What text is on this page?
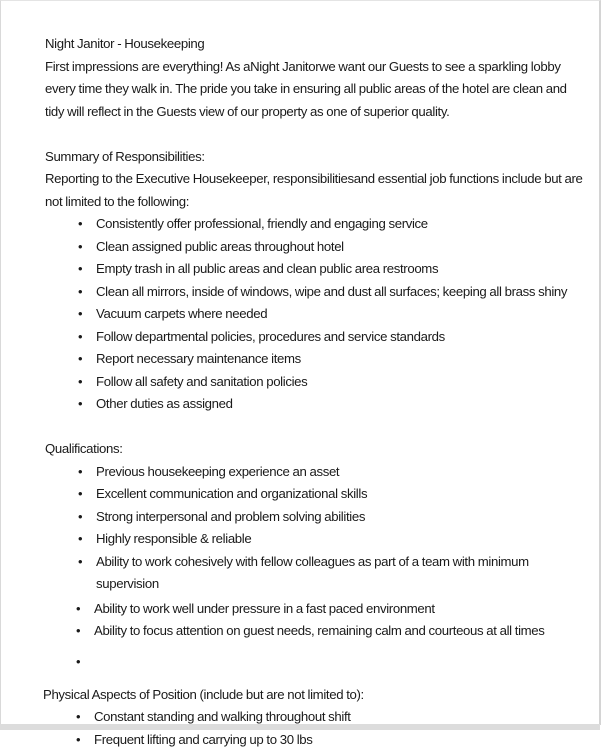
Night Janitor - Housekeeping
First impressions are everything! As aNight Janitorwe want our Guests to see a sparkling lobby
every time they walk in. The pride you take in ensuring all public areas of the hotel are clean and
tidy will reflect in the Guests view of our property as one of superior quality.
Summary of Responsibilities:
Reporting to the Executive Housekeeper, responsibilitiesand essential job functions include but are
not limited to the following:
• Consistently offer professional, friendly and engaging service
• Clean assigned public areas throughout hotel
• Empty trash in all public areas and clean public area restrooms
• Clean all mirrors, inside of windows, wipe and dust all surfaces; keeping all brass shiny
• Vacuum carpets where needed
• Follow departmental policies, procedures and service standards
• Report necessary maintenance items
• Follow all safety and sanitation policies
• Other duties as assigned
Qualifications:
• Previous housekeeping experience an asset
• Excellent communication and organizational skills
• Strong interpersonal and problem solving abilities
• Highly responsible & reliable
• Ability to work cohesively with fellow colleagues as part of a team with minimum
supervision
• Ability to work well under pressure in a fast paced environment
• Ability to focus attention on guest needs, remaining calm and courteous at all times
•
Physical Aspects of Position (include but are not limited to):
• Constant standing and walking throughout shift
• Frequent lifting and carrying up to 30 lbs
